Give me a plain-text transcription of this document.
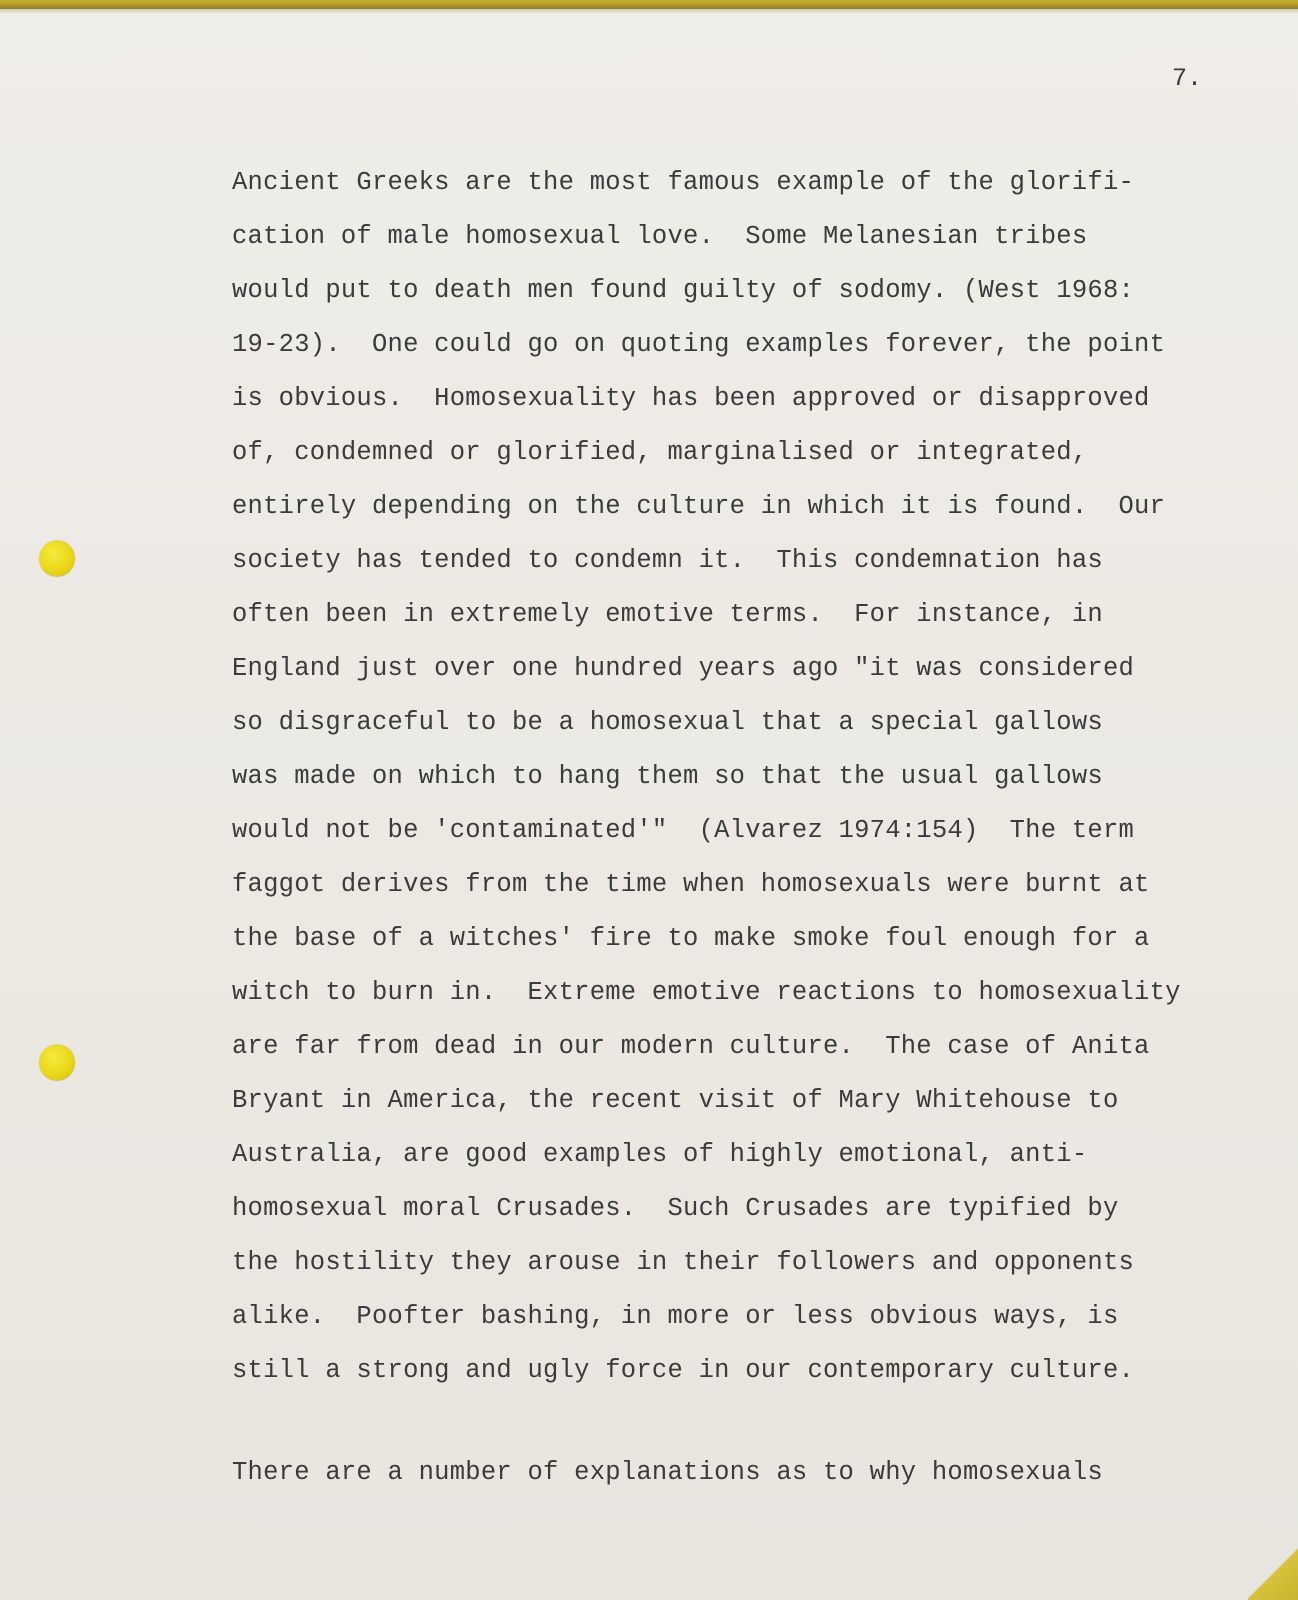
7.
Ancient Greeks are the most famous example of the glorifi-
cation of male homosexual love.  Some Melanesian tribes
would put to death men found guilty of sodomy. (West 1968:
19-23).  One could go on quoting examples forever, the point
is obvious.  Homosexuality has been approved or disapproved
of, condemned or glorified, marginalised or integrated,
entirely depending on the culture in which it is found.  Our
society has tended to condemn it.  This condemnation has
often been in extremely emotive terms.  For instance, in
England just over one hundred years ago "it was considered
so disgraceful to be a homosexual that a special gallows
was made on which to hang them so that the usual gallows
would not be 'contaminated'"  (Alvarez 1974:154)  The term
faggot derives from the time when homosexuals were burnt at
the base of a witches' fire to make smoke foul enough for a
witch to burn in.  Extreme emotive reactions to homosexuality
are far from dead in our modern culture.  The case of Anita
Bryant in America, the recent visit of Mary Whitehouse to
Australia, are good examples of highly emotional, anti-
homosexual moral Crusades.  Such Crusades are typified by
the hostility they arouse in their followers and opponents
alike.  Poofter bashing, in more or less obvious ways, is
still a strong and ugly force in our contemporary culture.
There are a number of explanations as to why homosexuals
